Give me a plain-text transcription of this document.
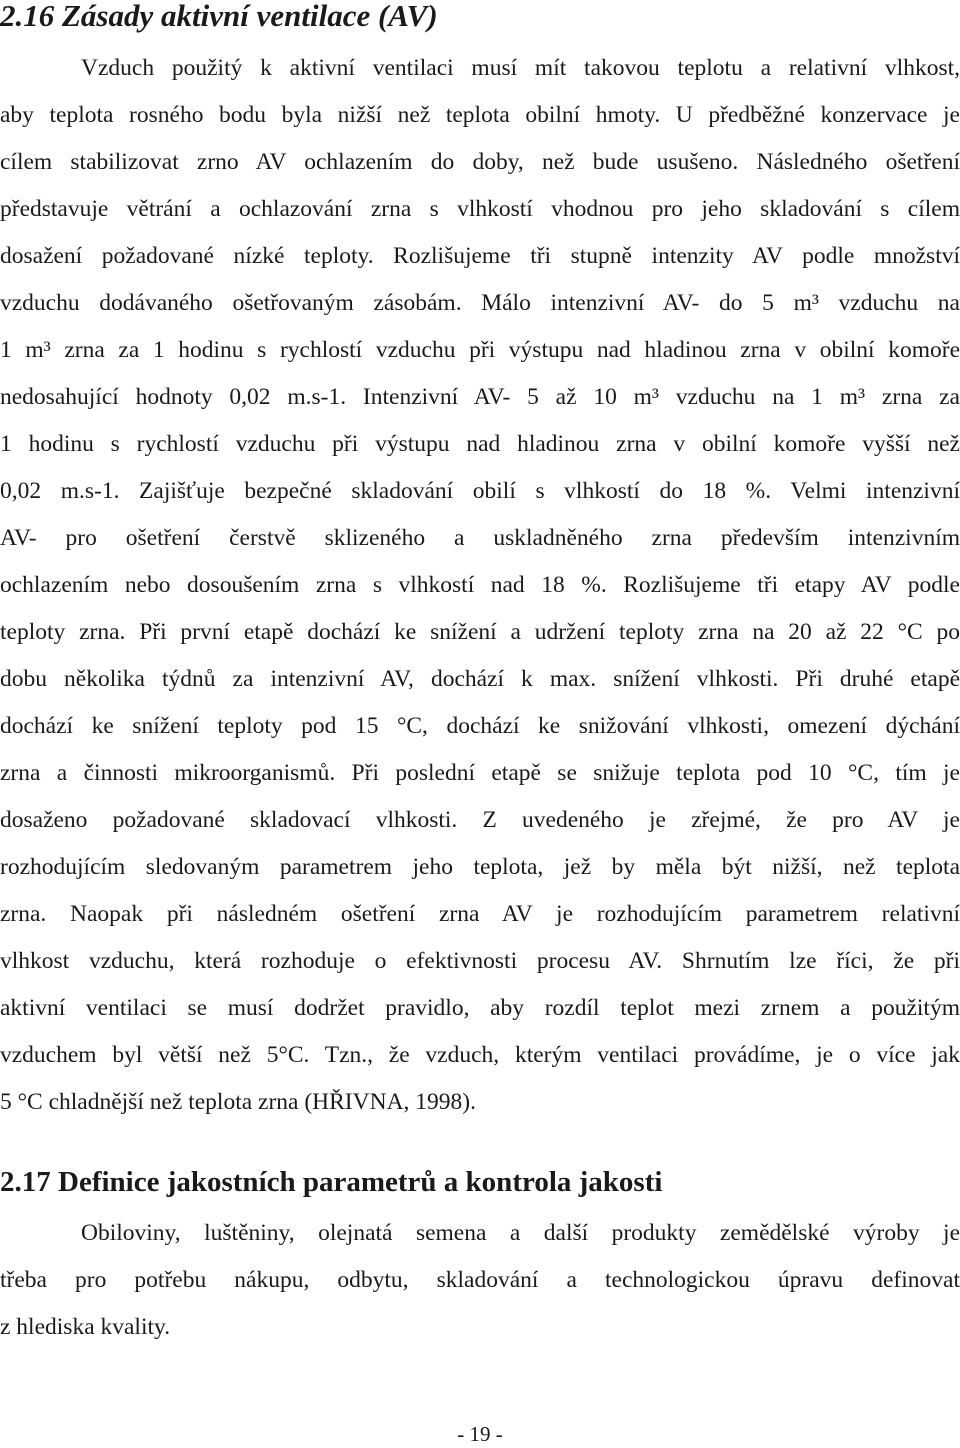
2.16 Zásady aktivní ventilace (AV)

Vzduch použitý k aktivní ventilaci musí mít takovou teplotu a relativní vlhkost,

aby teplota rosného bodu byla nižší než teplota obilní hmoty. U předběžné konzervace je

cílem stabilizovat zrno AV ochlazením do doby, než bude usušeno. Následného ošetření

představuje větrání a ochlazování zrna s vlhkostí vhodnou pro jeho skladování s cílem

dosažení požadované nízké teploty. Rozlišujeme tři stupně intenzity AV podle množství

vzduchu dodávaného ošetřovaným zásobám. Málo intenzivní AV- do 5 m³ vzduchu na

1 m³ zrna za 1 hodinu s rychlostí vzduchu při výstupu nad hladinou zrna v obilní komoře

nedosahující hodnoty 0,02 m.s-1. Intenzivní AV- 5 až 10 m³ vzduchu na 1 m³ zrna za

1 hodinu s rychlostí vzduchu při výstupu nad hladinou zrna v obilní komoře vyšší než

0,02 m.s-1. Zajišťuje bezpečné skladování obilí s vlhkostí do 18 %. Velmi intenzivní

AV- pro ošetření čerstvě sklizeného a uskladněného zrna především intenzivním

ochlazením nebo dosoušením zrna s vlhkostí nad 18 %. Rozlišujeme tři etapy AV podle

teploty zrna. Při první etapě dochází ke snížení a udržení teploty zrna na 20 až 22 °C po

dobu několika týdnů za intenzivní AV, dochází k max. snížení vlhkosti. Při druhé etapě

dochází ke snížení teploty pod 15 °C, dochází ke snižování vlhkosti, omezení dýchání

zrna a činnosti mikroorganismů. Při poslední etapě se snižuje teplota pod 10 °C, tím je

dosaženo požadované skladovací vlhkosti. Z uvedeného je zřejmé, že pro AV je

rozhodujícím sledovaným parametrem jeho teplota, jež by měla být nižší, než teplota

zrna. Naopak při následném ošetření zrna AV je rozhodujícím parametrem relativní

vlhkost vzduchu, která rozhoduje o efektivnosti procesu AV. Shrnutím lze říci, že při

aktivní ventilaci se musí dodržet pravidlo, aby rozdíl teplot mezi zrnem a použitým

vzduchem byl větší než 5°C. Tzn., že vzduch, kterým ventilaci provádíme, je o více jak

5 °C chladnější než teplota zrna (HŘIVNA, 1998).

2.17 Definice jakostních parametrů a kontrola jakosti

Obiloviny, luštěniny, olejnatá semena a další produkty zemědělské výroby je

třeba pro potřebu nákupu, odbytu, skladování a technologickou úpravu definovat

z hlediska kvality.

- 19 -
